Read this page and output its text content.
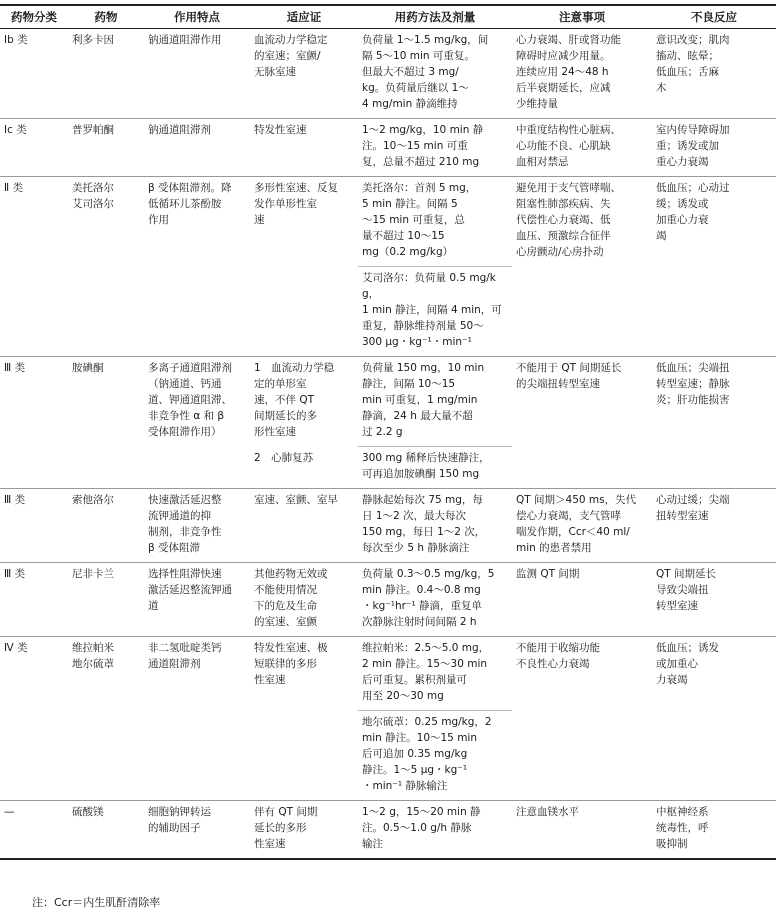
药物分类	药物	作用特点	适应证	用药方法及剂量	注意事项	不良反应
Ⅰb 类	利多卡因	钠通道阻滞作用	血流动力学稳定
的室速；室颤/
无脉室速	负荷量 1～1.5 mg/kg，间
隔 5～10 min 可重复。
但最大不超过 3 mg/
kg。负荷量后继以 1～
4 mg/min 静滴维持	心力衰竭、肝或肾功能
障碍时应减少用量。
连续应用 24～48 h
后半衰期延长，应减
少维持量	意识改变；肌肉
搐动、眩晕；
低血压；舌麻
木
Ⅰc 类	普罗帕酮	钠通道阻滞剂	特发性室速	1～2 mg/kg，10 min 静
注。10～15 min 可重
复，总量不超过 210 mg	中重度结构性心脏病、
心功能不良、心肌缺
血相对禁忌	室内传导障碍加
重；诱发或加
重心力衰竭
Ⅱ 类	美托洛尔
艾司洛尔	β 受体阻滞剂。降
低循环儿茶酚胺
作用	多形性室速、反复
发作单形性室
速	美托洛尔：首剂 5 mg，
5 min 静注。间隔 5
～15 min 可重复，总
量不超过 10～15
mg（0.2 mg/kg）	避免用于支气管哮喘、
阻塞性肺部疾病、失
代偿性心力衰竭、低
血压、预激综合征伴
心房颤动/心房扑动	低血压；心动过
缓；诱发或
加重心力衰
竭
				艾司洛尔：负荷量 0.5 mg/kg，
1 min 静注，间隔 4 min，可
重复，静脉维持剂量 50～
300 μg・kg⁻¹・min⁻¹		
Ⅲ 类	胺碘酮	多离子通道阻滞剂
（钠通道、钙通
道、钾通道阻滞、
非竞争性 α 和 β
受体阻滞作用）	1　血流动力学稳
定的单形室
速，不伴 QT
间期延长的多
形性室速	负荷量 150 mg，10 min
静注，间隔 10～15
min 可重复，1 mg/min
静滴，24 h 最大量不超
过 2.2 g	不能用于 QT 间期延长
的尖端扭转型室速	低血压；尖端扭
转型室速；静脉
炎；肝功能损害
			2　心肺复苏	300 mg 稀释后快速静注，
可再追加胺碘酮 150 mg		
Ⅲ 类	索他洛尔	快速激活延迟整
流钾通道的抑
制剂，非竞争性
β 受体阻滞	室速、室颤、室早	静脉起始每次 75 mg，每
日 1～2 次，最大每次
150 mg，每日 1～2 次，
每次至少 5 h 静脉滴注	QT 间期＞450 ms，失代
偿心力衰竭，支气管哮
喘发作期，Ccr＜40 ml/
min 的患者禁用	心动过缓；尖端
扭转型室速
Ⅲ 类	尼非卡兰	选择性阻滞快速
激活延迟整流钾通
道	其他药物无效或
不能使用情况
下的危及生命
的室速、室颤	负荷量 0.3～0.5 mg/kg，5
min 静注。0.4～0.8 mg
・kg⁻¹hr⁻¹ 静滴，重复单
次静脉注射时间间隔 2 h	监测 QT 间期	QT 间期延长
导致尖端扭
转型室速
Ⅳ 类	维拉帕米
地尔硫䓬	非二氢吡啶类钙
通道阻滞剂	特发性室速、极
短联律的多形
性室速	维拉帕米：2.5～5.0 mg，
2 min 静注。15～30 min
后可重复。累积剂量可
用至 20～30 mg	不能用于收缩功能
不良性心力衰竭	低血压；诱发
或加重心
力衰竭
				地尔硫䓬：0.25 mg/kg，2
min 静注。10～15 min
后可追加 0.35 mg/kg
静注。1～5 μg・kg⁻¹
・min⁻¹ 静脉输注		
—	硫酸镁	细胞钠钾转运
的辅助因子	伴有 QT 间期
延长的多形
性室速	1～2 g，15～20 min 静
注。0.5～1.0 g/h 静脉
输注	注意血镁水平	中枢神经系
统毒性，呼
吸抑制
注：Ccr＝内生肌酐清除率
